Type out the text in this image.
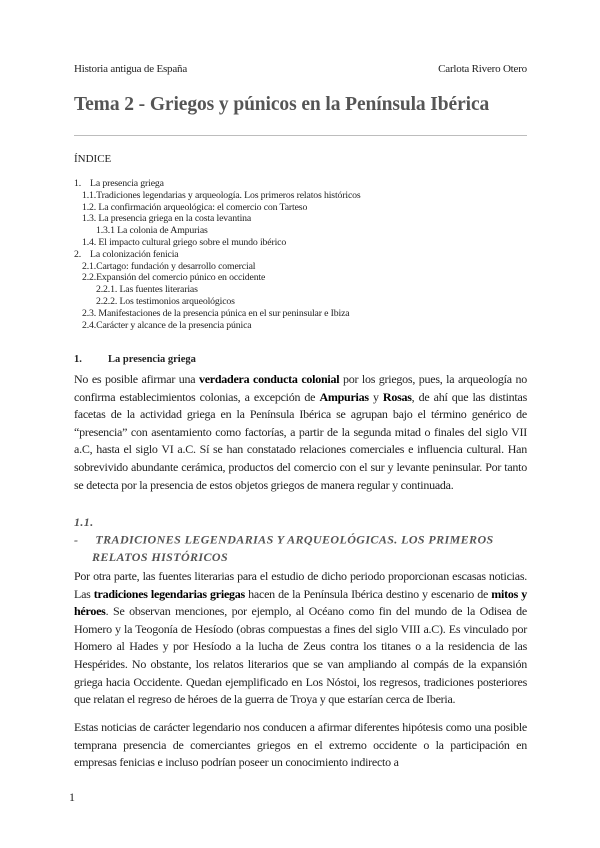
Historia antigua de España	Carlota Rivero Otero
Tema 2 - Griegos y púnicos en la Península Ibérica
ÍNDICE
1. La presencia griega
1.1.Tradiciones legendarias y arqueología. Los primeros relatos históricos
1.2. La confirmación arqueológica: el comercio con Tarteso
1.3. La presencia griega en la costa levantina
1.3.1 La colonia de Ampurias
1.4. El impacto cultural griego sobre el mundo ibérico
2. La colonización fenicia
2.1.Cartago: fundación y desarrollo comercial
2.2.Expansión del comercio púnico en occidente
2.2.1. Las fuentes literarias
2.2.2. Los testimonios arqueológicos
2.3. Manifestaciones de la presencia púnica en el sur peninsular e Ibiza
2.4.Carácter y alcance de la presencia púnica
1. La presencia griega

No es posible afirmar una verdadera conducta colonial por los griegos, pues, la arqueología no confirma establecimientos colonias, a excepción de Ampurias y Rosas, de ahí que las distintas facetas de la actividad griega en la Península Ibérica se agrupan bajo el término genérico de “presencia” con asentamiento como factorías, a partir de la segunda mitad o finales del siglo VII a.C, hasta el siglo VI a.C. Sí se han constatado relaciones comerciales e influencia cultural. Han sobrevivido abundante cerámica, productos del comercio con el sur y levante peninsular. Por tanto se detecta por la presencia de estos objetos griegos de manera regular y continuada.

1.1. - TRADICIONES LEGENDARIAS Y ARQUEOLÓGICAS. LOS PRIMEROS
RELATOS HISTÓRICOS

Por otra parte, las fuentes literarias para el estudio de dicho periodo proporcionan escasas noticias. Las tradiciones legendarias griegas hacen de la Península Ibérica destino y escenario de mitos y héroes. Se observan menciones, por ejemplo, al Océano como fin del mundo de la Odisea de Homero y la Teogonía de Hesíodo (obras compuestas a fines del siglo VIII a.C). Es vinculado por Homero al Hades y por Hesíodo a la lucha de Zeus contra los titanes o a la residencia de las Hespérides. No obstante, los relatos literarios que se van ampliando al compás de la expansión griega hacia Occidente. Quedan ejemplificado en Los Nóstoi, los regresos, tradiciones posteriores que relatan el regreso de héroes de la guerra de Troya y que estarían cerca de Iberia.

Estas noticias de carácter legendario nos conducen a afirmar diferentes hipótesis como una posible temprana presencia de comerciantes griegos en el extremo occidente o la participación en empresas fenicias e incluso podrían poseer un conocimiento indirecto a

1
